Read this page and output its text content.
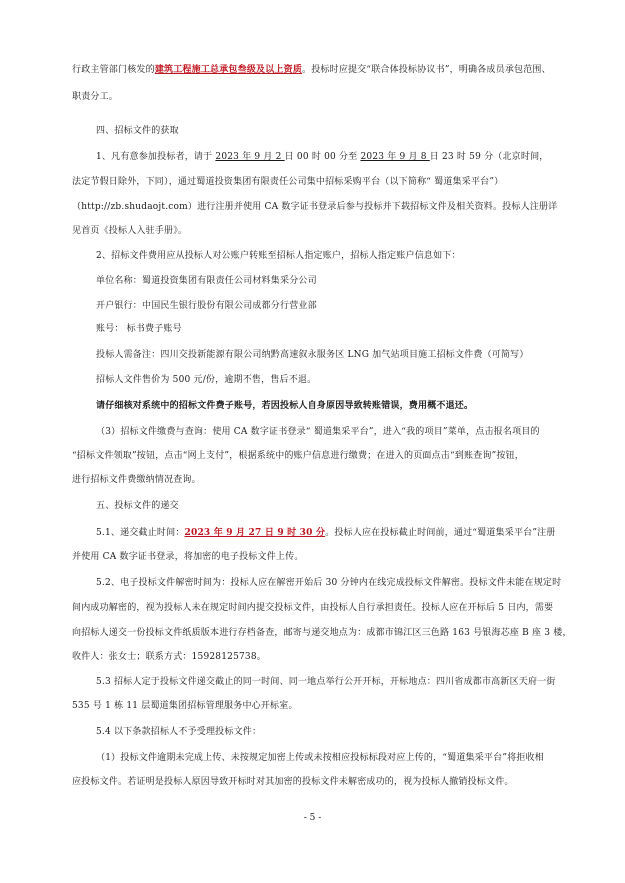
行政主管部门核发的建筑工程施工总承包叁级及以上资质。投标时应提交“联合体投标协议书”，明确各成员承包范围、
职责分工。
四、招标文件的获取
1、凡有意参加投标者，请于 2023 年 9 月 2 日 00 时 00 分至 2023 年 9 月 8 日 23 时 59 分（北京时间，
法定节假日除外，下同），通过蜀道投资集团有限责任公司集中招标采购平台（以下简称“ 蜀道集采平台”）
（http://zb.shudaojt.com）进行注册并使用 CA 数字证书登录后参与投标并下载招标文件及相关资料。投标人注册详
见首页《投标人入驻手册》。
2、招标文件费用应从投标人对公账户转账至招标人指定账户，招标人指定账户信息如下：
单位名称：蜀道投资集团有限责任公司材料集采分公司
开户银行：中国民生银行股份有限公司成都分行营业部
账号： 标书费子账号
投标人需备注：四川交投新能源有限公司纳黔高速叙永服务区 LNG 加气站项目施工招标文件费（可简写）
招标人文件售价为 500 元/份，逾期不售，售后不退。
请仔细核对系统中的招标文件费子账号，若因投标人自身原因导致转账错误，费用概不退还。
（3）招标文件缴费与查询：使用 CA 数字证书登录“ 蜀道集采平台”，进入“我的项目”菜单，点击报名项目的
“招标文件领取”按钮，点击“网上支付”，根据系统中的账户信息进行缴费；在进入的页面点击“到账查询”按钮，
进行招标文件费缴纳情况查询。
五、投标文件的递交
5.1、递交截止时间：2023 年 9 月 27 日 9 时 30 分。投标人应在投标截止时间前，通过“蜀道集采平台”注册
并使用 CA 数字证书登录，将加密的电子投标文件上传。
5.2、电子投标文件解密时间为：投标人应在解密开始后 30 分钟内在线完成投标文件解密。投标文件未能在规定时
间内成功解密的，视为投标人未在规定时间内提交投标文件，由投标人自行承担责任。投标人应在开标后 5 日内，需要
向招标人递交一份投标文件纸质版本进行存档备查，邮寄与递交地点为：成都市锦江区三色路 163 号银海芯座 B 座 3 楼，
收件人：张女士；联系方式：15928125738。
5.3 招标人定于投标文件递交截止的同一时间、同一地点举行公开开标，开标地点：四川省成都市高新区天府一街
535 号 1 栋 11 层蜀道集团招标管理服务中心开标室。
5.4 以下条款招标人不予受理投标文件：
（1）投标文件逾期未完成上传、未按规定加密上传或未按相应投标标段对应上传的，“蜀道集采平台”将拒收相
应投标文件。若证明是投标人原因导致开标时对其加密的投标文件未解密成功的，视为投标人撤销投标文件。
- 5 -
